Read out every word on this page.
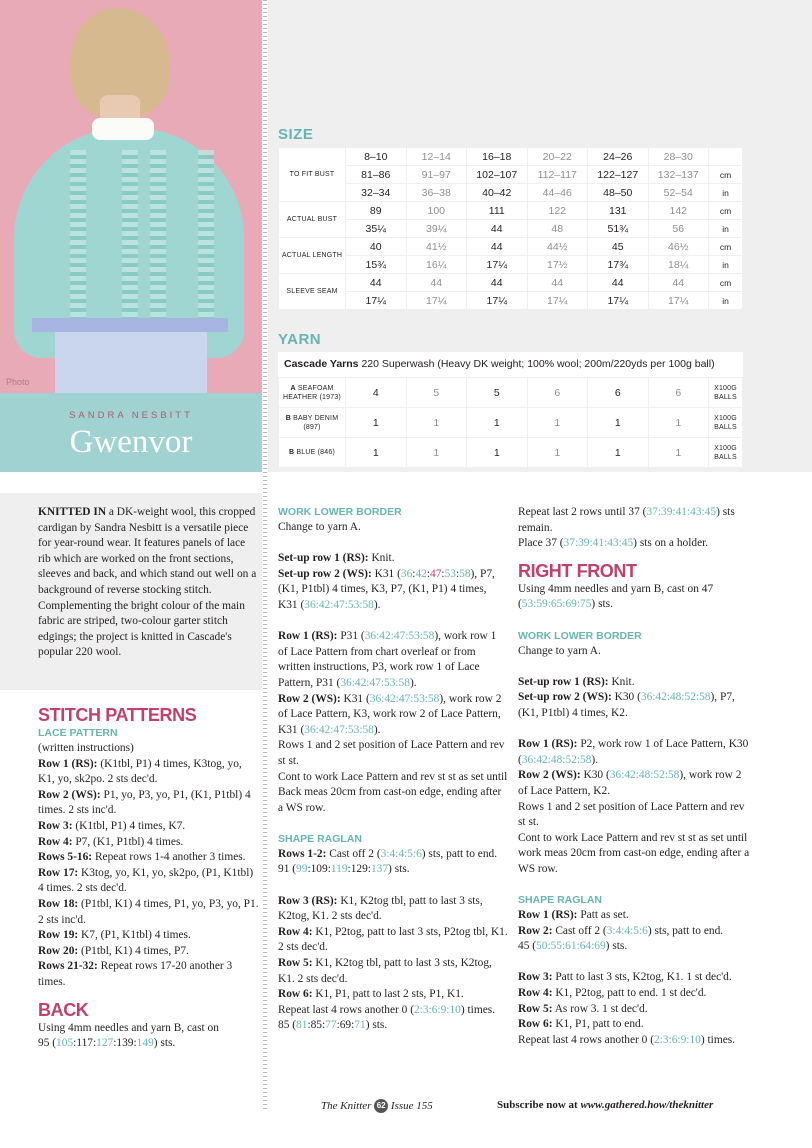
Photo
SANDRA NESBITT
Gwenvor
SIZE
TO FIT BUST	8–10	12–14	16–18	20–22	24–26	28–30	
	81–86	91–97	102–107	112–117	122–127	132–137	cm
	32–34	36–38	40–42	44–46	48–50	52–54	in
ACTUAL BUST	89	100	111	122	131	142	cm
	35¼	39¼	44	48	51¾	56	in
ACTUAL LENGTH	40	41½	44	44½	45	46½	cm
	15¾	16¼	17¼	17½	17¾	18¼	in
SLEEVE SEAM	44	44	44	44	44	44	cm
	17¼	17¼	17¼	17¼	17¼	17¼	in
YARN
Cascade Yarns 220 Superwash (Heavy DK weight; 100% wool; 200m/220yds per 100g ball)
A SEAFOAM HEATHER (1973)	4	5	5	6	6	6	X100G BALLS
B BABY DENIM (897)	1	1	1	1	1	1	X100G BALLS
B BLUE (846)	1	1	1	1	1	1	X100G BALLS
KNITTED IN a DK-weight wool, this cropped cardigan by Sandra Nesbitt is a versatile piece for year-round wear. It features panels of lace rib which are worked on the front sections, sleeves and back, and which stand out well on a background of reverse stocking stitch. Complementing the bright colour of the main fabric are striped, two-colour garter stitch edgings; the project is knitted in Cascade's popular 220 wool.
STITCH PATTERNS
LACE PATTERN

(written instructions)

Row 1 (RS): (K1tbl, P1) 4 times, K3tog, yo, K1, yo, sk2po. 2 sts dec'd.

Row 2 (WS): P1, yo, P3, yo, P1, (K1, P1tbl) 4 times. 2 sts inc'd.

Row 3: (K1tbl, P1) 4 times, K7.

Row 4: P7, (K1, P1tbl) 4 times.

Rows 5-16: Repeat rows 1-4 another 3 times.

Row 17: K3tog, yo, K1, yo, sk2po, (P1, K1tbl) 4 times. 2 sts dec'd.

Row 18: (P1tbl, K1) 4 times, P1, yo, P3, yo, P1. 2 sts inc'd.

Row 19: K7, (P1, K1tbl) 4 times.

Row 20: (P1tbl, K1) 4 times, P7.

Rows 21-32: Repeat rows 17-20 another 3 times.

BACK

Using 4mm needles and yarn B, cast on
95 (105:117:127:139:149) sts.

WORK LOWER BORDER

Change to yarn A.

Set-up row 1 (RS): Knit.

Set-up row 2 (WS): K31 (36:42:47:53:58), P7, (K1, P1tbl) 4 times, K3, P7, (K1, P1) 4 times, K31 (36:42:47:53:58).

Row 1 (RS): P31 (36:42:47:53:58), work row 1 of Lace Pattern from chart overleaf or from written instructions, P3, work row 1 of Lace Pattern, P31 (36:42:47:53:58).

Row 2 (WS): K31 (36:42:47:53:58), work row 2 of Lace Pattern, K3, work row 2 of Lace Pattern, K31 (36:42:47:53:58).

Rows 1 and 2 set position of Lace Pattern and rev st st.

Cont to work Lace Pattern and rev st st as set until Back meas 20cm from cast-on edge, ending after a WS row.

SHAPE RAGLAN

Rows 1-2: Cast off 2 (3:4:4:5:6) sts, patt to end.

91 (99:109:119:129:137) sts.

Row 3 (RS): K1, K2tog tbl, patt to last 3 sts, K2tog, K1. 2 sts dec'd.

Row 4: K1, P2tog, patt to last 3 sts, P2tog tbl, K1. 2 sts dec'd.

Row 5: K1, K2tog tbl, patt to last 3 sts, K2tog, K1. 2 sts dec'd.

Row 6: K1, P1, patt to last 2 sts, P1, K1.

Repeat last 4 rows another 0 (2:3:6:9:10) times.

85 (81:85:77:69:71) sts.

Repeat last 2 rows until 37 (37:39:41:43:45) sts remain.

Place 37 (37:39:41:43:45) sts on a holder.

RIGHT FRONT

Using 4mm needles and yarn B, cast on 47 (53:59:65:69:75) sts.

WORK LOWER BORDER

Change to yarn A.

Set-up row 1 (RS): Knit.

Set-up row 2 (WS): K30 (36:42:48:52:58), P7, (K1, P1tbl) 4 times, K2.

Row 1 (RS): P2, work row 1 of Lace Pattern, K30 (36:42:48:52:58).

Row 2 (WS): K30 (36:42:48:52:58), work row 2 of Lace Pattern, K2.

Rows 1 and 2 set position of Lace Pattern and rev st st.

Cont to work Lace Pattern and rev st st as set until work meas 20cm from cast-on edge, ending after a WS row.

SHAPE RAGLAN

Row 1 (RS): Patt as set.

Row 2: Cast off 2 (3:4:4:5:6) sts, patt to end.

45 (50:55:61:64:69) sts.

Row 3: Patt to last 3 sts, K2tog, K1. 1 st dec'd.

Row 4: K1, P2tog, patt to end. 1 st dec'd.

Row 5: As row 3. 1 st dec'd.

Row 6: K1, P1, patt to end.

Repeat last 4 rows another 0 (2:3:6:9:10) times.

The Knitter 62 Issue 155	Subscribe now at www.gathered.how/theknitter
